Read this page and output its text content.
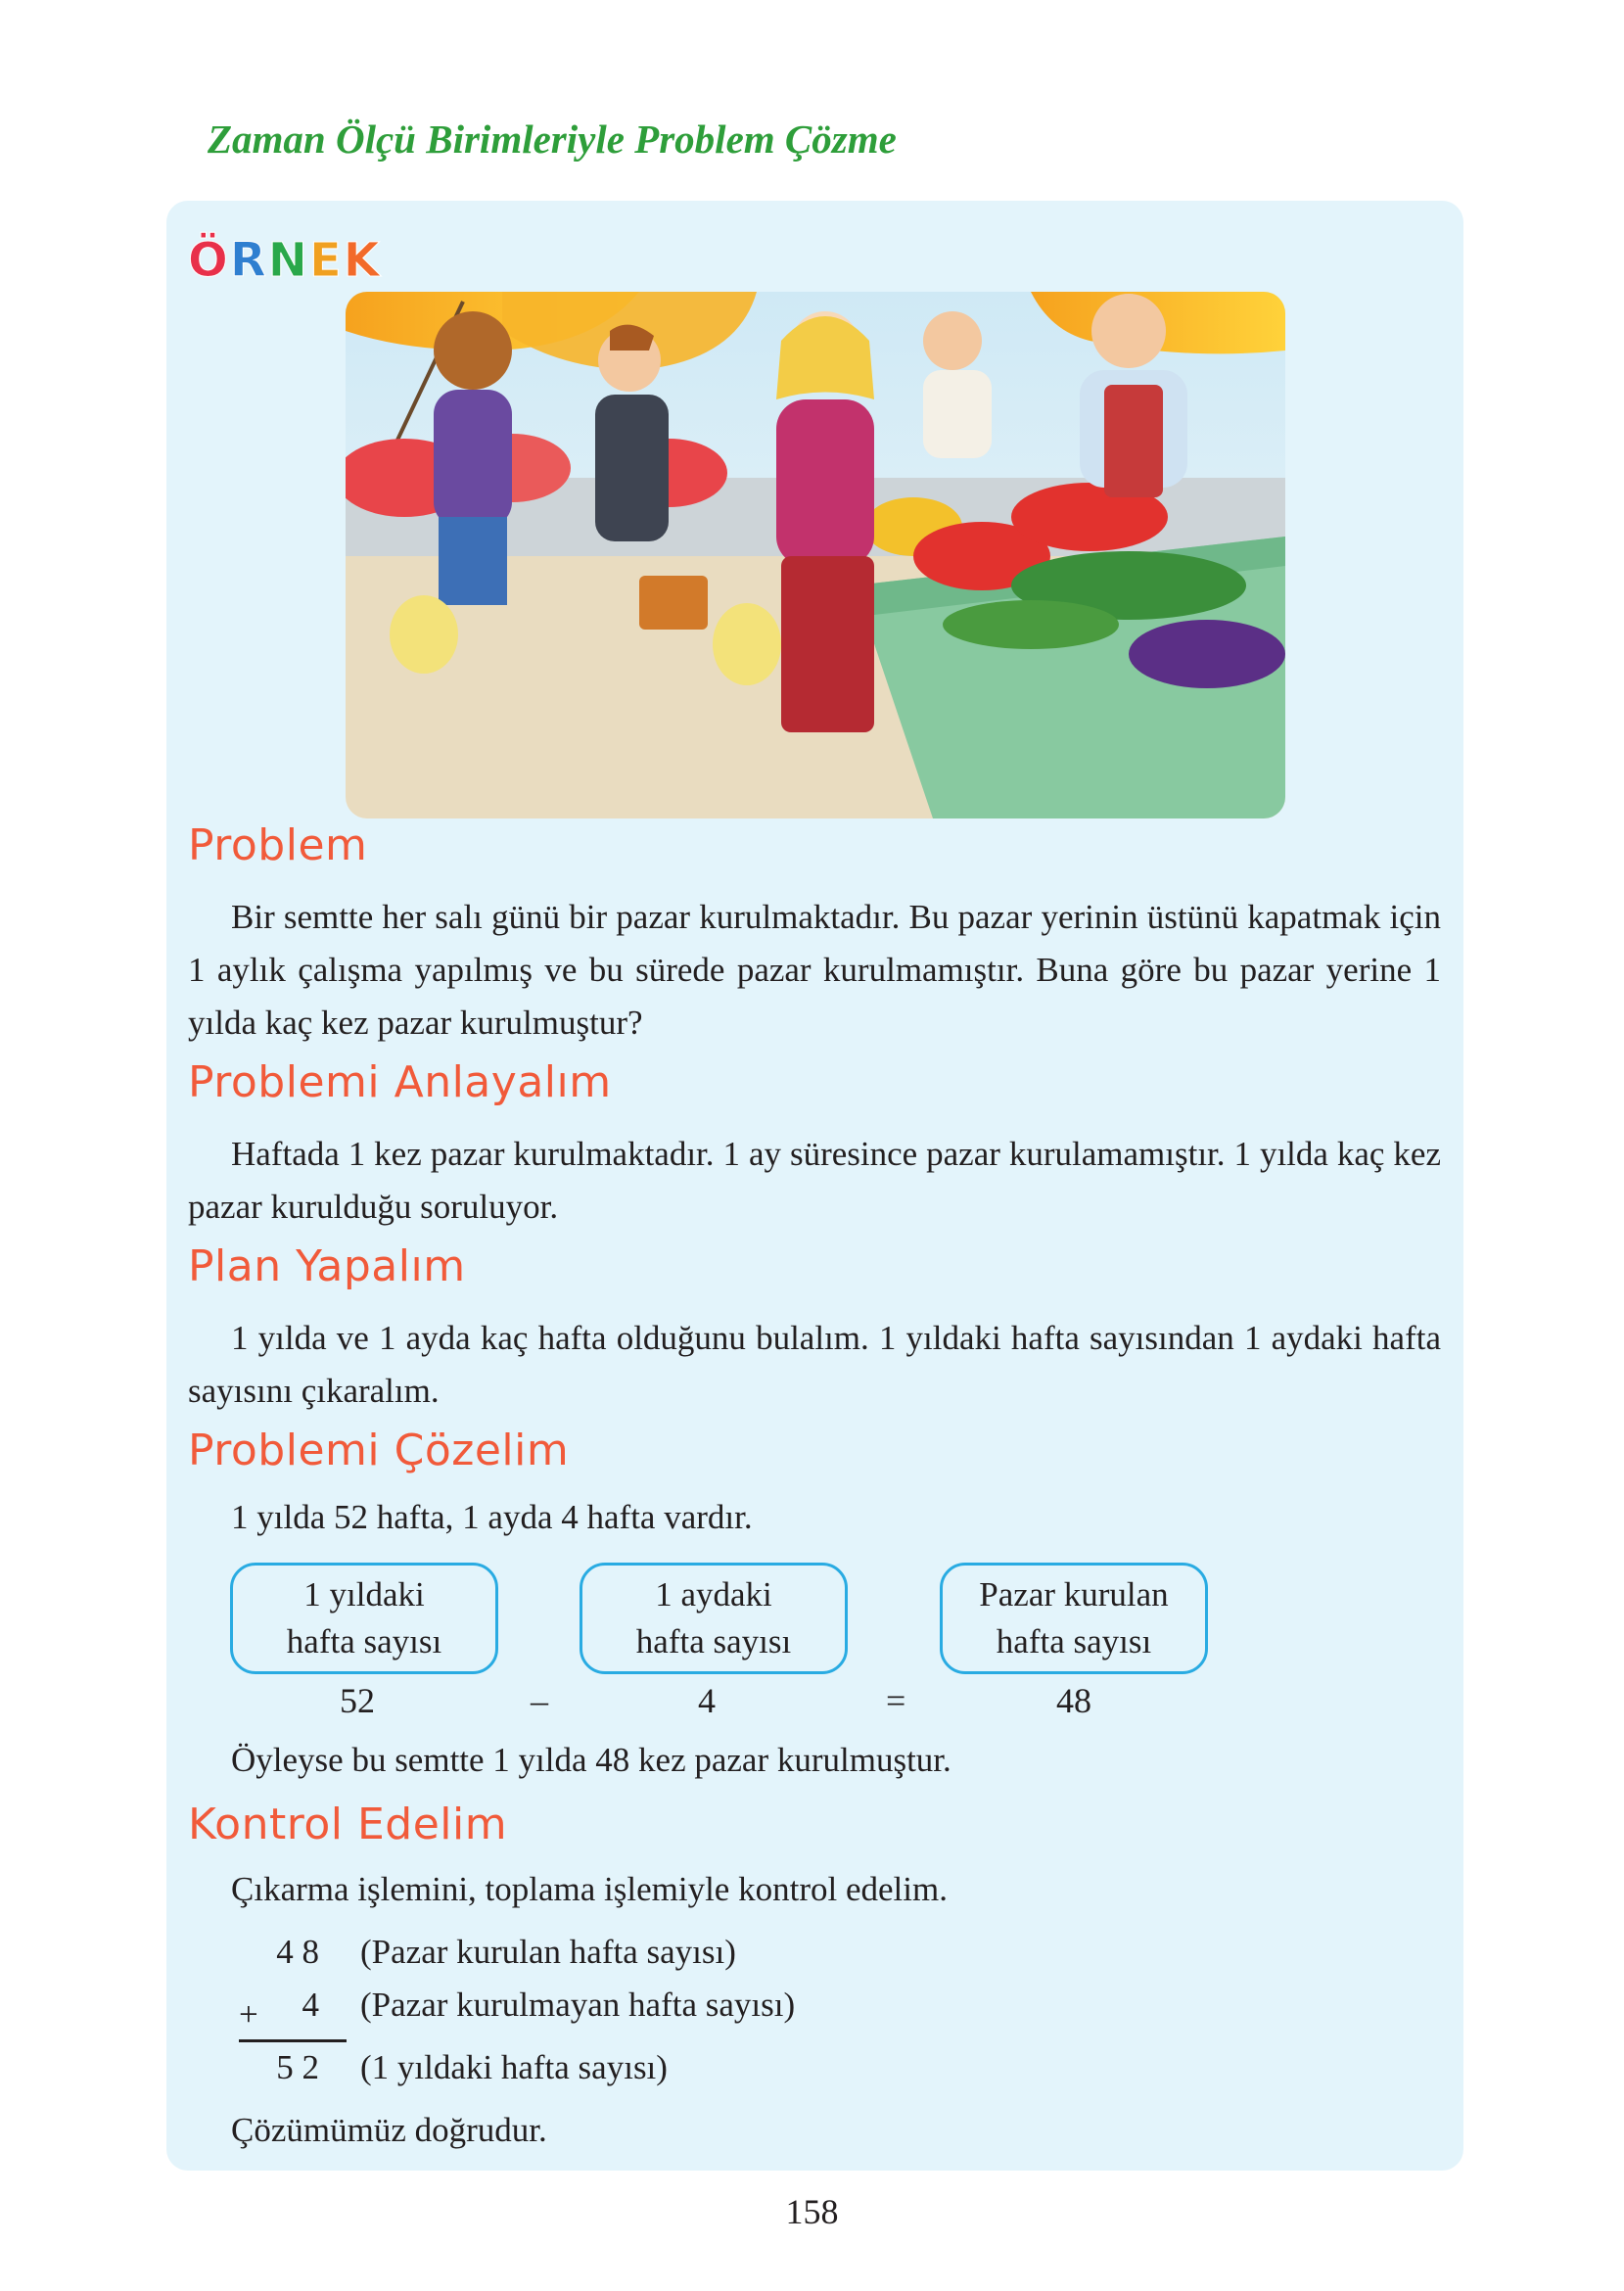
Zaman Ölçü Birimleriyle Problem Çözme
ÖRNEK
Problem

Bir semtte her salı günü bir pazar kurulmaktadır. Bu pazar yerinin üstünü kapatmak için 1 aylık çalışma yapılmış ve bu sürede pazar kurulmamıştır. Buna göre bu pazar yerine 1 yılda kaç kez pazar kurulmuştur?

Problemi Anlayalım

Haftada 1 kez pazar kurulmaktadır. 1 ay süresince pazar kurulamamıştır. 1 yılda kaç kez pazar kurulduğu soruluyor.

Plan Yapalım

1 yılda ve 1 ayda kaç hafta olduğunu bulalım. 1 yıldaki hafta sayısından 1 aydaki hafta sayısını çıkaralım.

Problemi Çözelim
1 yılda 52 hafta, 1 ayda 4 hafta vardır.
1 yıldaki
hafta sayısı
1 aydaki
hafta sayısı
Pazar kurulan
hafta sayısı
52	–	4	=	48
Öyleyse bu semtte 1 yılda 48 kez pazar kurulmuştur.
Kontrol Edelim
Çıkarma işlemini, toplama işlemiyle kontrol edelim.
4 8 (Pazar kurulan hafta sayısı)
+	4 (Pazar kurulmayan hafta sayısı)
5 2 (1 yıldaki hafta sayısı)
Çözümümüz doğrudur.
158
